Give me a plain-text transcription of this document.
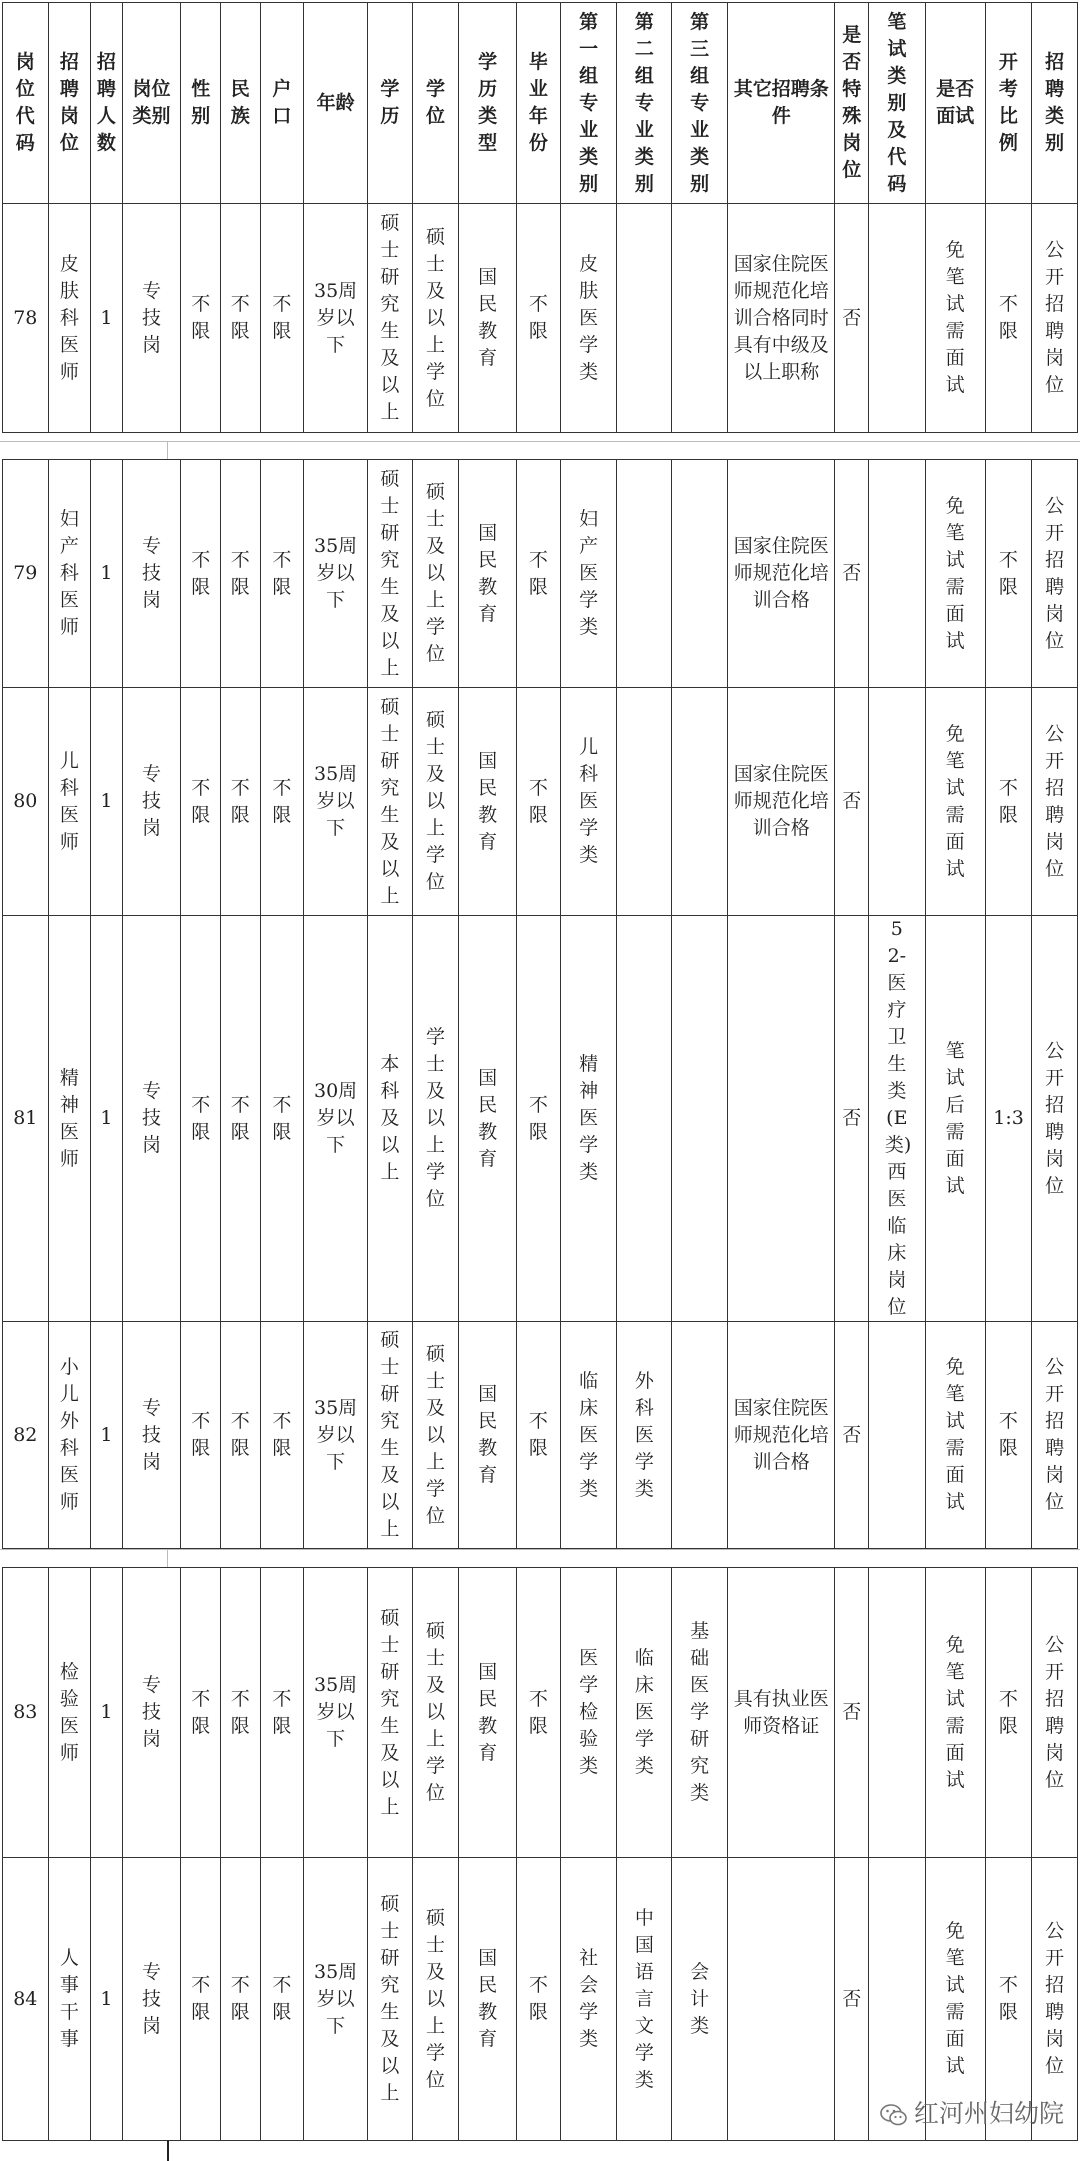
岗位代码	招聘岗位	招聘人数	岗位类别	性别	民族	户口	年龄	学历	学位	学历类型	毕业年份	第一组专业类别	第二组专业类别	第三组专业类别	其它招聘条件	是否特殊岗位	笔试类别及代码	是否面试	开考比例	招聘类别
78	皮肤科医师	1	专技岗	不限	不限	不限	35周岁以下	硕士研究生及以上	硕士及以上学位	国民教育	不限	皮肤医学类			国家住院医师规范化培训合格同时具有中级及以上职称	否		免笔试需面试	不限	公开招聘岗位
79	妇产科医师	1	专技岗	不限	不限	不限	35周岁以下	硕士研究生及以上	硕士及以上学位	国民教育	不限	妇产医学类			国家住院医师规范化培训合格	否		免笔试需面试	不限	公开招聘岗位
80	儿科医师	1	专技岗	不限	不限	不限	35周岁以下	硕士研究生及以上	硕士及以上学位	国民教育	不限	儿科医学类			国家住院医师规范化培训合格	否		免笔试需面试	不限	公开招聘岗位
81	精神医师	1	专技岗	不限	不限	不限	30周岁以下	本科及以上	学士及以上学位	国民教育	不限	精神医学类				否	52-医疗卫生类(E类)西医临床岗位	笔试后需面试	1:3	公开招聘岗位
82	小儿外科医师	1	专技岗	不限	不限	不限	35周岁以下	硕士研究生及以上	硕士及以上学位	国民教育	不限	临床医学类	外科医学类		国家住院医师规范化培训合格	否		免笔试需面试	不限	公开招聘岗位
83	检验医师	1	专技岗	不限	不限	不限	35周岁以下	硕士研究生及以上	硕士及以上学位	国民教育	不限	医学检验类	临床医学类	基础医学研究类	具有执业医师资格证	否		免笔试需面试	不限	公开招聘岗位
84	人事干事	1	专技岗	不限	不限	不限	35周岁以下	硕士研究生及以上	硕士及以上学位	国民教育	不限	社会学类	中国语言文学类	会计类		否		免笔试需面试	不限	公开招聘岗位
红河州妇幼院
